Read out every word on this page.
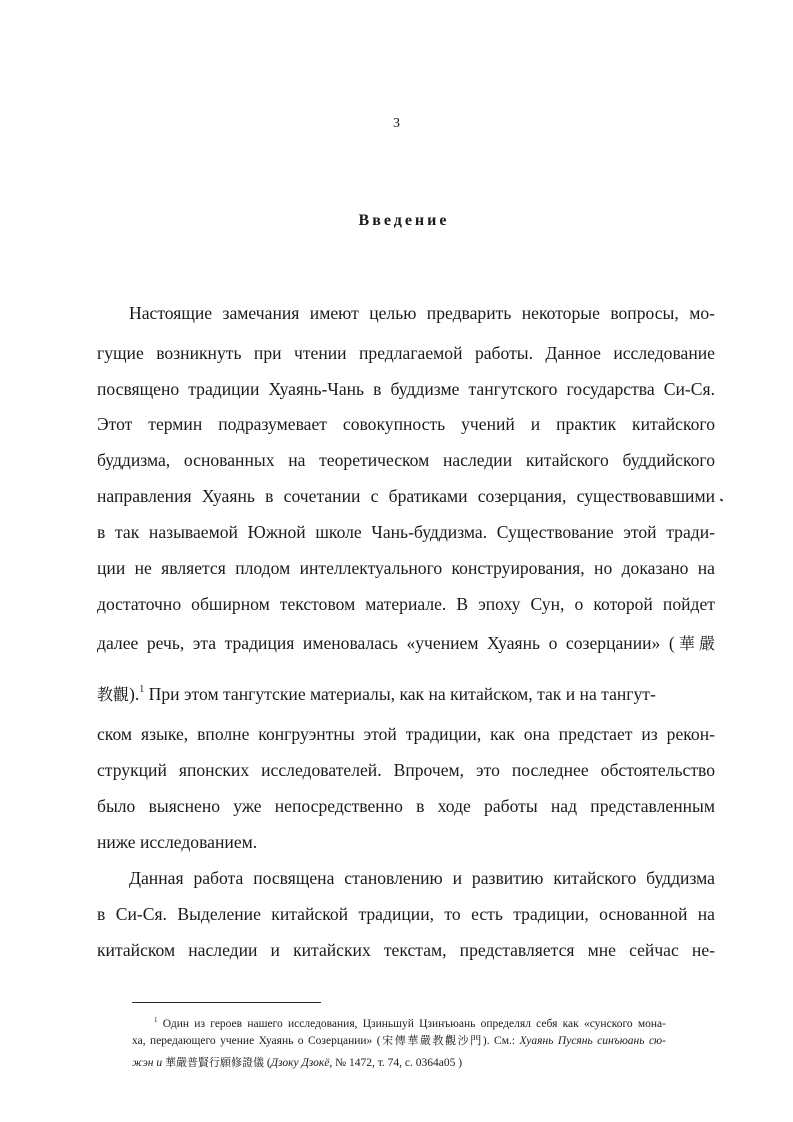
3
Введение
Настоящие замечания имеют целью предварить некоторые вопросы, мо-
гущие возникнуть при чтении предлагаемой работы. Данное исследование
посвящено традиции Хуаянь-Чань в буддизме тангутского государства Си-Ся.
Этот термин подразумевает совокупность учений и практик китайского
буддизма, основанных на теоретическом наследии китайского буддийского
направления Хуаянь в сочетании с братиками созерцания, существовавшими
в так называемой Южной школе Чань-буддизма. Существование этой тради-
ции не является плодом интеллектуального конструирования, но доказано на
достаточно обширном текстовом материале. В эпоху Сун, о которой пойдет
далее речь, эта традиция именовалась «учением Хуаянь о созерцании» (華嚴
教觀).$^1$ При этом тангутские материалы, как на китайском, так и на тангут-
ском языке, вполне конгруэнтны этой традиции, как она предстает из рекон-
струкций японских исследователей. Впрочем, это последнее обстоятельство
было выяснено уже непосредственно в ходе работы над представленным
ниже исследованием.
Данная работа посвящена становлению и развитию китайского буддизма
в Си-Ся. Выделение китайской традиции, то есть традиции, основанной на
китайском наследии и китайских текстам, представляется мне сейчас не-
$^1$ Один из героев нашего исследования, Цзиньшуй Цзинъюань определял себя как «сунского мона-
ха, передающего учение Хуаянь о Созерцании» (宋傳華嚴教觀沙門). См.: Хуаянь Пусянь синъюань сю-
жэн и 華嚴普賢行願修證儀 (Дзоку Дзокё, № 1472, т. 74, с. 0364a05 )
